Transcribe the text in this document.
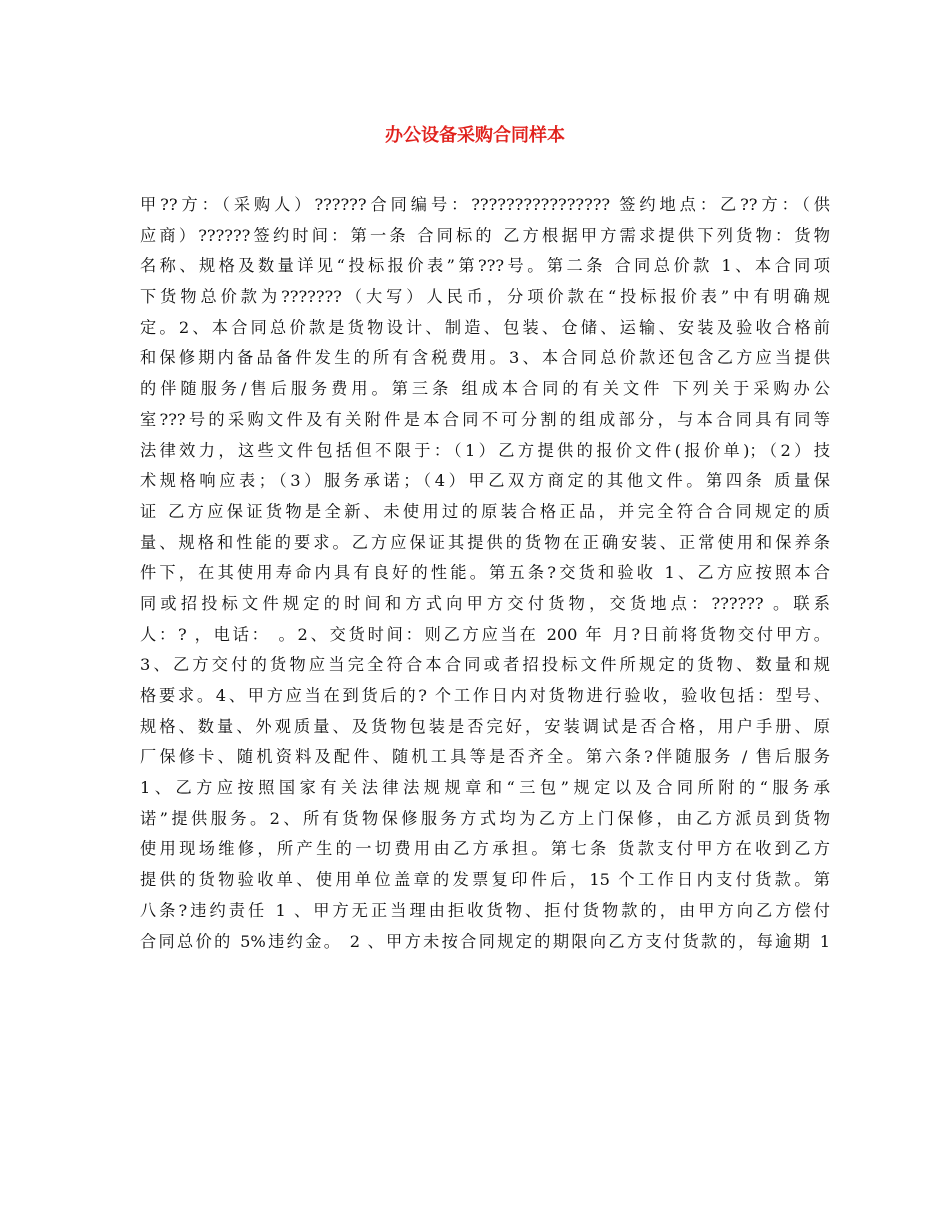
办公设备采购合同样本
甲??方：（采购人）??????合同编号：???????????????? 签约地点：乙??方：（供
应商）??????签约时间：第一条 合同标的 乙方根据甲方需求提供下列货物：货物
名称、规格及数量详见“投标报价表”第???号。第二条 合同总价款 1、本合同项
下货物总价款为???????（大写）人民币，分项价款在“投标报价表”中有明确规
定。2、本合同总价款是货物设计、制造、包装、仓储、运输、安装及验收合格前
和保修期内备品备件发生的所有含税费用。3、本合同总价款还包含乙方应当提供
的伴随服务/售后服务费用。第三条 组成本合同的有关文件 下列关于采购办公
室???号的采购文件及有关附件是本合同不可分割的组成部分，与本合同具有同等
法律效力，这些文件包括但不限于：（1）乙方提供的报价文件(报价单)；（2）技
术规格响应表；（3）服务承诺；（4）甲乙双方商定的其他文件。第四条 质量保
证 乙方应保证货物是全新、未使用过的原装合格正品，并完全符合合同规定的质
量、规格和性能的要求。乙方应保证其提供的货物在正确安装、正常使用和保养条
件下，在其使用寿命内具有良好的性能。第五条?交货和验收 1、乙方应按照本合
同或招投标文件规定的时间和方式向甲方交付货物，交货地点：?????? 。联系
人：? ，电话： 。2、交货时间：则乙方应当在 200 年 月?日前将货物交付甲方。
3、乙方交付的货物应当完全符合本合同或者招投标文件所规定的货物、数量和规
格要求。4、甲方应当在到货后的? 个工作日内对货物进行验收，验收包括：型号、
规格、数量、外观质量、及货物包装是否完好，安装调试是否合格，用户手册、原
厂保修卡、随机资料及配件、随机工具等是否齐全。第六条?伴随服务 / 售后服务
1、乙方应按照国家有关法律法规规章和“三包”规定以及合同所附的“服务承
诺”提供服务。2、所有货物保修服务方式均为乙方上门保修，由乙方派员到货物
使用现场维修，所产生的一切费用由乙方承担。第七条 货款支付甲方在收到乙方
提供的货物验收单、使用单位盖章的发票复印件后，15 个工作日内支付货款。第
八条?违约责任 1 、甲方无正当理由拒收货物、拒付货物款的，由甲方向乙方偿付
合同总价的 5%违约金。 2 、甲方未按合同规定的期限向乙方支付货款的，每逾期 1
